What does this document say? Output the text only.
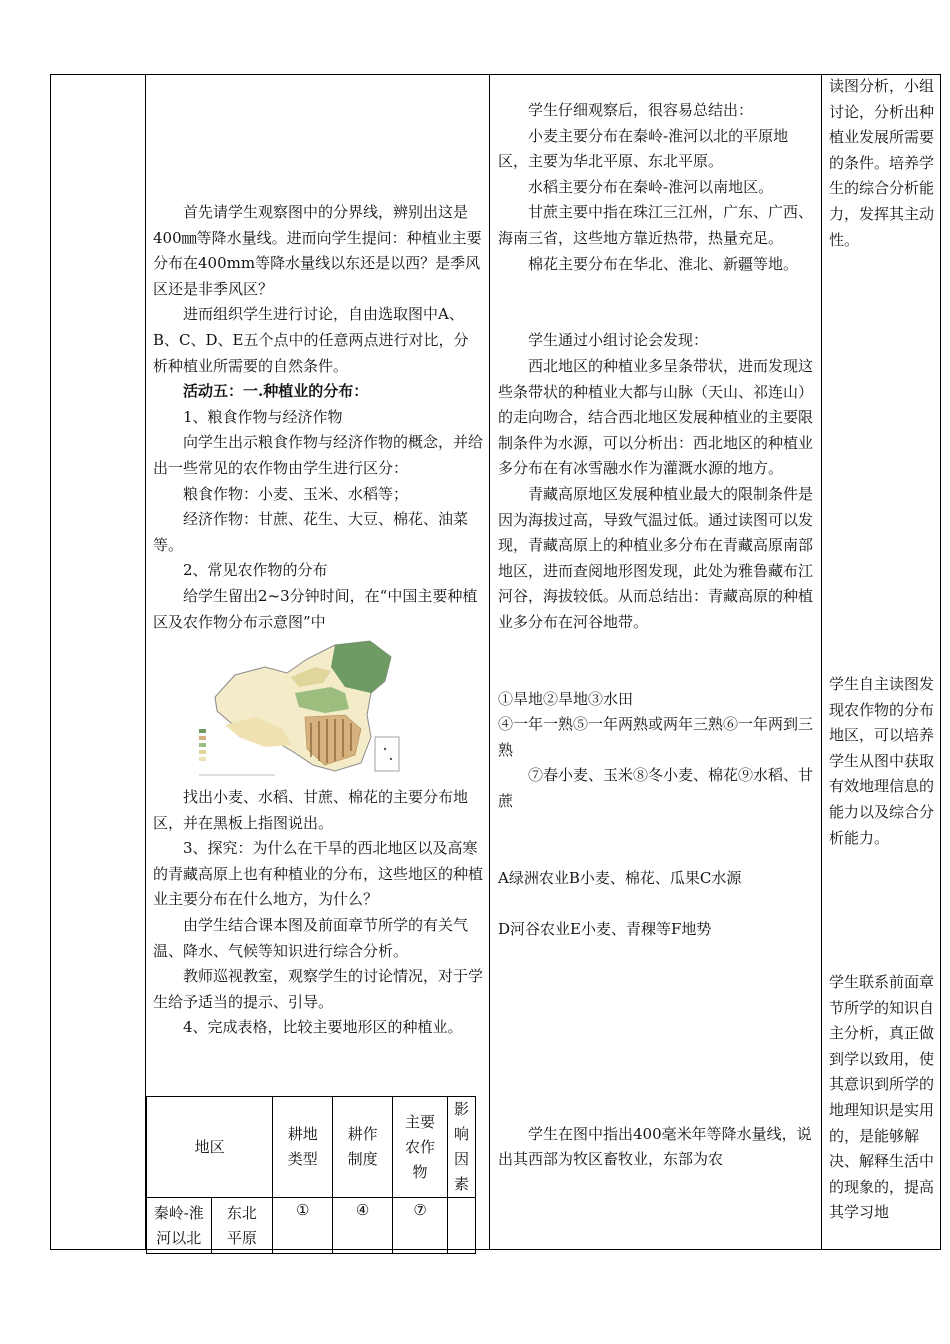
首先请学生观察图中的分界线，辨别出这是400㎜等降水量线。进而向学生提问：种植业主要分布在400mm等降水量线以东还是以西？是季风区还是非季风区？

进而组织学生进行讨论，自由选取图中A、B、C、D、E五个点中的任意两点进行对比，分析种植业所需要的自然条件。

活动五：一.种植业的分布：

1、粮食作物与经济作物

向学生出示粮食作物与经济作物的概念，并给出一些常见的农作物由学生进行区分：

粮食作物：小麦、玉米、水稻等；

经济作物：甘蔗、花生、大豆、棉花、油菜等。

2、常见农作物的分布

给学生留出2~3分钟时间，在“中国主要种植区及农作物分布示意图”中

找出小麦、水稻、甘蔗、棉花的主要分布地区，并在黑板上指图说出。

3、探究：为什么在干旱的西北地区以及高寒的青藏高原上也有种植业的分布，这些地区的种植业主要分布在什么地方，为什么？

由学生结合课本图及前面章节所学的有关气温、降水、气候等知识进行综合分析。

教师巡视教室，观察学生的讨论情况，对于学生给予适当的提示、引导。

4、完成表格，比较主要地形区的种植业。

地区		耕地类型	耕作制度	主要农作物	影响因素
秦岭-淮河以北	东北平原	①	④	⑦	

学生仔细观察后，很容易总结出：

小麦主要分布在秦岭-淮河以北的平原地区，主要为华北平原、东北平原。

水稻主要分布在秦岭-淮河以南地区。

甘蔗主要中指在珠江三江州，广东、广西、海南三省，这些地方靠近热带，热量充足。

棉花主要分布在华北、淮北、新疆等地。

学生通过小组讨论会发现：

西北地区的种植业多呈条带状，进而发现这些条带状的种植业大都与山脉（天山、祁连山）的走向吻合，结合西北地区发展种植业的主要限制条件为水源，可以分析出：西北地区的种植业多分布在有冰雪融水作为灌溉水源的地方。

青藏高原地区发展种植业最大的限制条件是因为海拔过高，导致气温过低。通过读图可以发现，青藏高原上的种植业多分布在青藏高原南部地区，进而查阅地形图发现，此处为雅鲁藏布江河谷，海拔较低。从而总结出：青藏高原的种植业多分布在河谷地带。

①旱地②旱地③水田

④一年一熟⑤一年两熟或两年三熟⑥一年两到三熟

⑦春小麦、玉米⑧冬小麦、棉花⑨水稻、甘蔗

A绿洲农业B小麦、棉花、瓜果C水源

D河谷农业E小麦、青稞等F地势

学生在图中指出400毫米年等降水量线，说出其西部为牧区畜牧业，东部为农

读图分析，小组讨论，分析出种植业发展所需要的条件。培养学生的综合分析能力，发挥其主动性。

学生自主读图发现农作物的分布地区，可以培养学生从图中获取有效地理信息的能力以及综合分析能力。

学生联系前面章节所学的知识自主分析，真正做到学以致用，使其意识到所学的地理知识是实用的，是能够解决、解释生活中的现象的，提高其学习地
